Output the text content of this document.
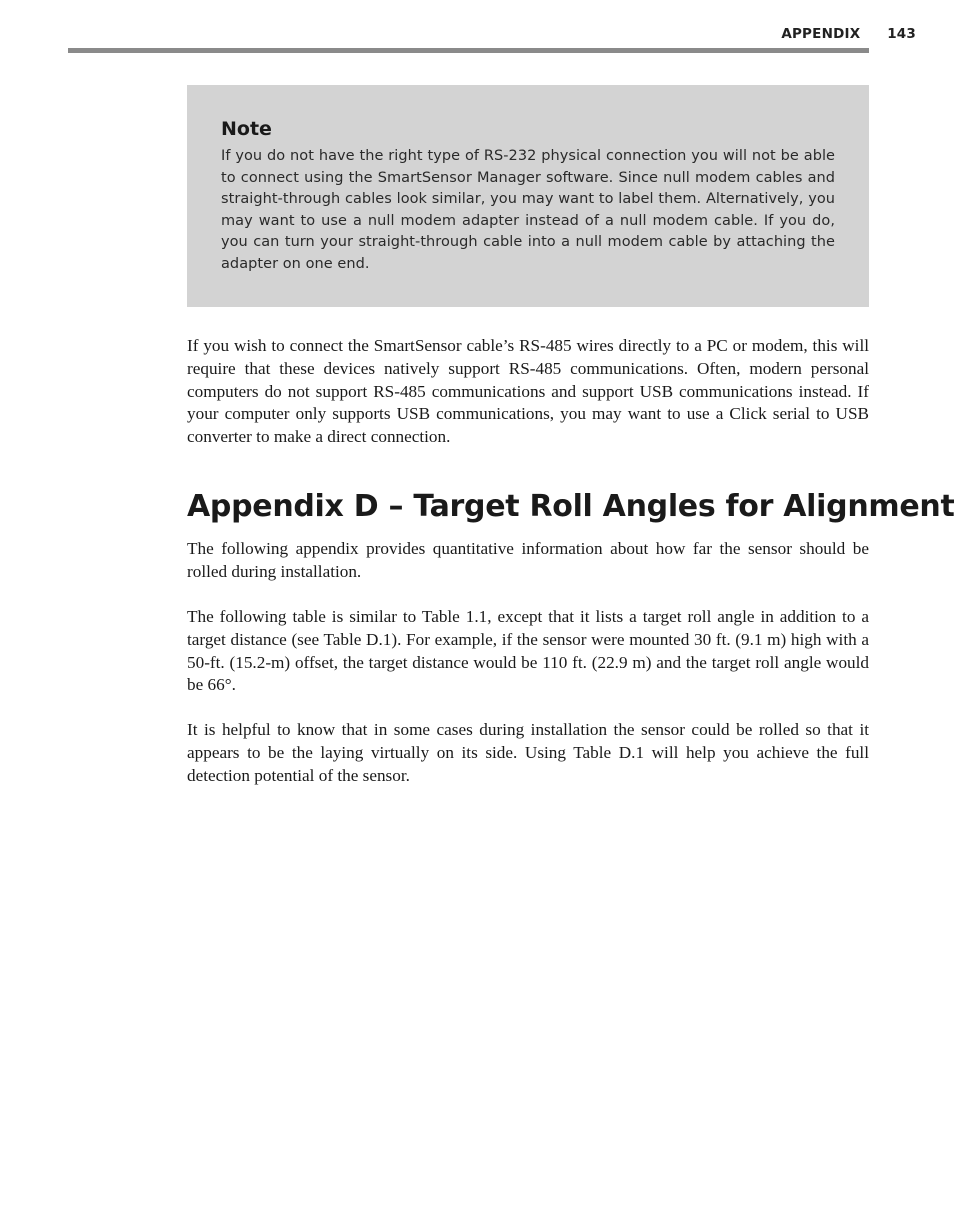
APPENDIX 143
Note
If you do not have the right type of RS-232 physical connection you will not be able to connect using the SmartSensor Manager software. Since null modem cables and straight-through cables look similar, you may want to label them. Alternatively, you may want to use a null modem adapter instead of a null modem cable. If you do, you can turn your straight-through cable into a null modem cable by attaching the adapter on one end.
If you wish to connect the SmartSensor cable’s RS-485 wires directly to a PC or modem, this will require that these devices natively support RS-485 communications. Often, modern personal computers do not support RS-485 communications and support USB communications instead. If your computer only supports USB communications, you may want to use a Click serial to USB converter to make a direct connection.
Appendix D – Target Roll Angles for Alignment
The following appendix provides quantitative information about how far the sensor should be rolled during installation.
The following table is similar to Table 1.1, except that it lists a target roll angle in addition to a target distance (see Table D.1). For example, if the sensor were mounted 30 ft. (9.1 m) high with a 50-ft. (15.2-m) offset, the target distance would be 110 ft. (22.9 m) and the target roll angle would be 66°.
It is helpful to know that in some cases during installation the sensor could be rolled so that it appears to be the laying virtually on its side. Using Table D.1 will help you achieve the full detection potential of the sensor.
